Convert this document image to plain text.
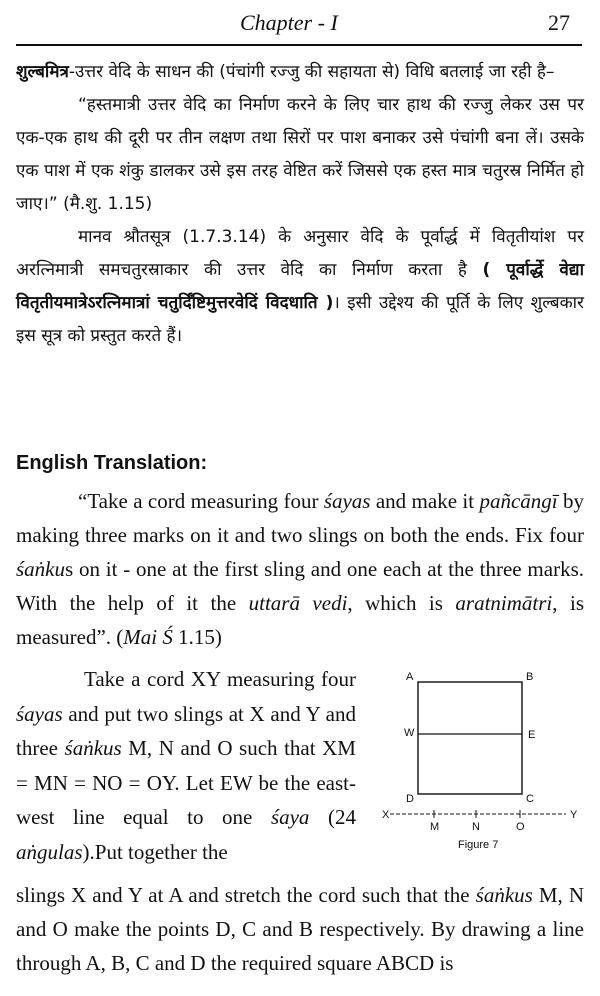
Chapter - I	27

शुल्बमित्र-उत्तर वेदि के साधन की (पंचांगी रज्जु की सहायता से) विधि बतलाई जा रही है–

“हस्तमात्री उत्तर वेदि का निर्माण करने के लिए चार हाथ की रज्जु लेकर उस पर एक-एक हाथ की दूरी पर तीन लक्षण तथा सिरों पर पाश बनाकर उसे पंचांगी बना लें। उसके एक पाश में एक शंकु डालकर उसे इस तरह वेष्टित करें जिससे एक हस्त मात्र चतुरस्र निर्मित हो जाए।” (मै.शु. 1.15)

मानव श्रौतसूत्र (1.7.3.14) के अनुसार वेदि के पूर्वार्द्ध में वितृतीयांश पर अरत्निमात्री समचतुरस्राकार की उत्तर वेदि का निर्माण करता है ( पूर्वार्द्धे वेद्या वितृतीयमात्रेऽरत्निमात्रां चतुर्दिंष्टिमुत्तरवेदिं विदधाति )। इसी उद्देश्य की पूर्ति के लिए शुल्बकार इस सूत्र को प्रस्तुत करते हैं।

English Translation:

“Take a cord measuring four śayas and make it pañcāngī by making three marks on it and two slings on both the ends. Fix four śaṅkus on it - one at the first sling and one each at the three marks. With the help of it the uttarā vedi, which is aratnimātri, is measured”. (Mai Ś 1.15)

Take a cord XY measuring four śayas and put two slings at X and Y and three śaṅkus M, N and O such that XM = MN = NO = OY. Let EW be the east-west line equal to one śaya (24 aṅgulas).Put together the

A	B
W	E
D	C
X
M	N	O
Y
Figure 7

slings X and Y at A and stretch the cord such that the śaṅkus M, N and O make the points D, C and B respectively. By drawing a line through A, B, C and D the required square ABCD is
